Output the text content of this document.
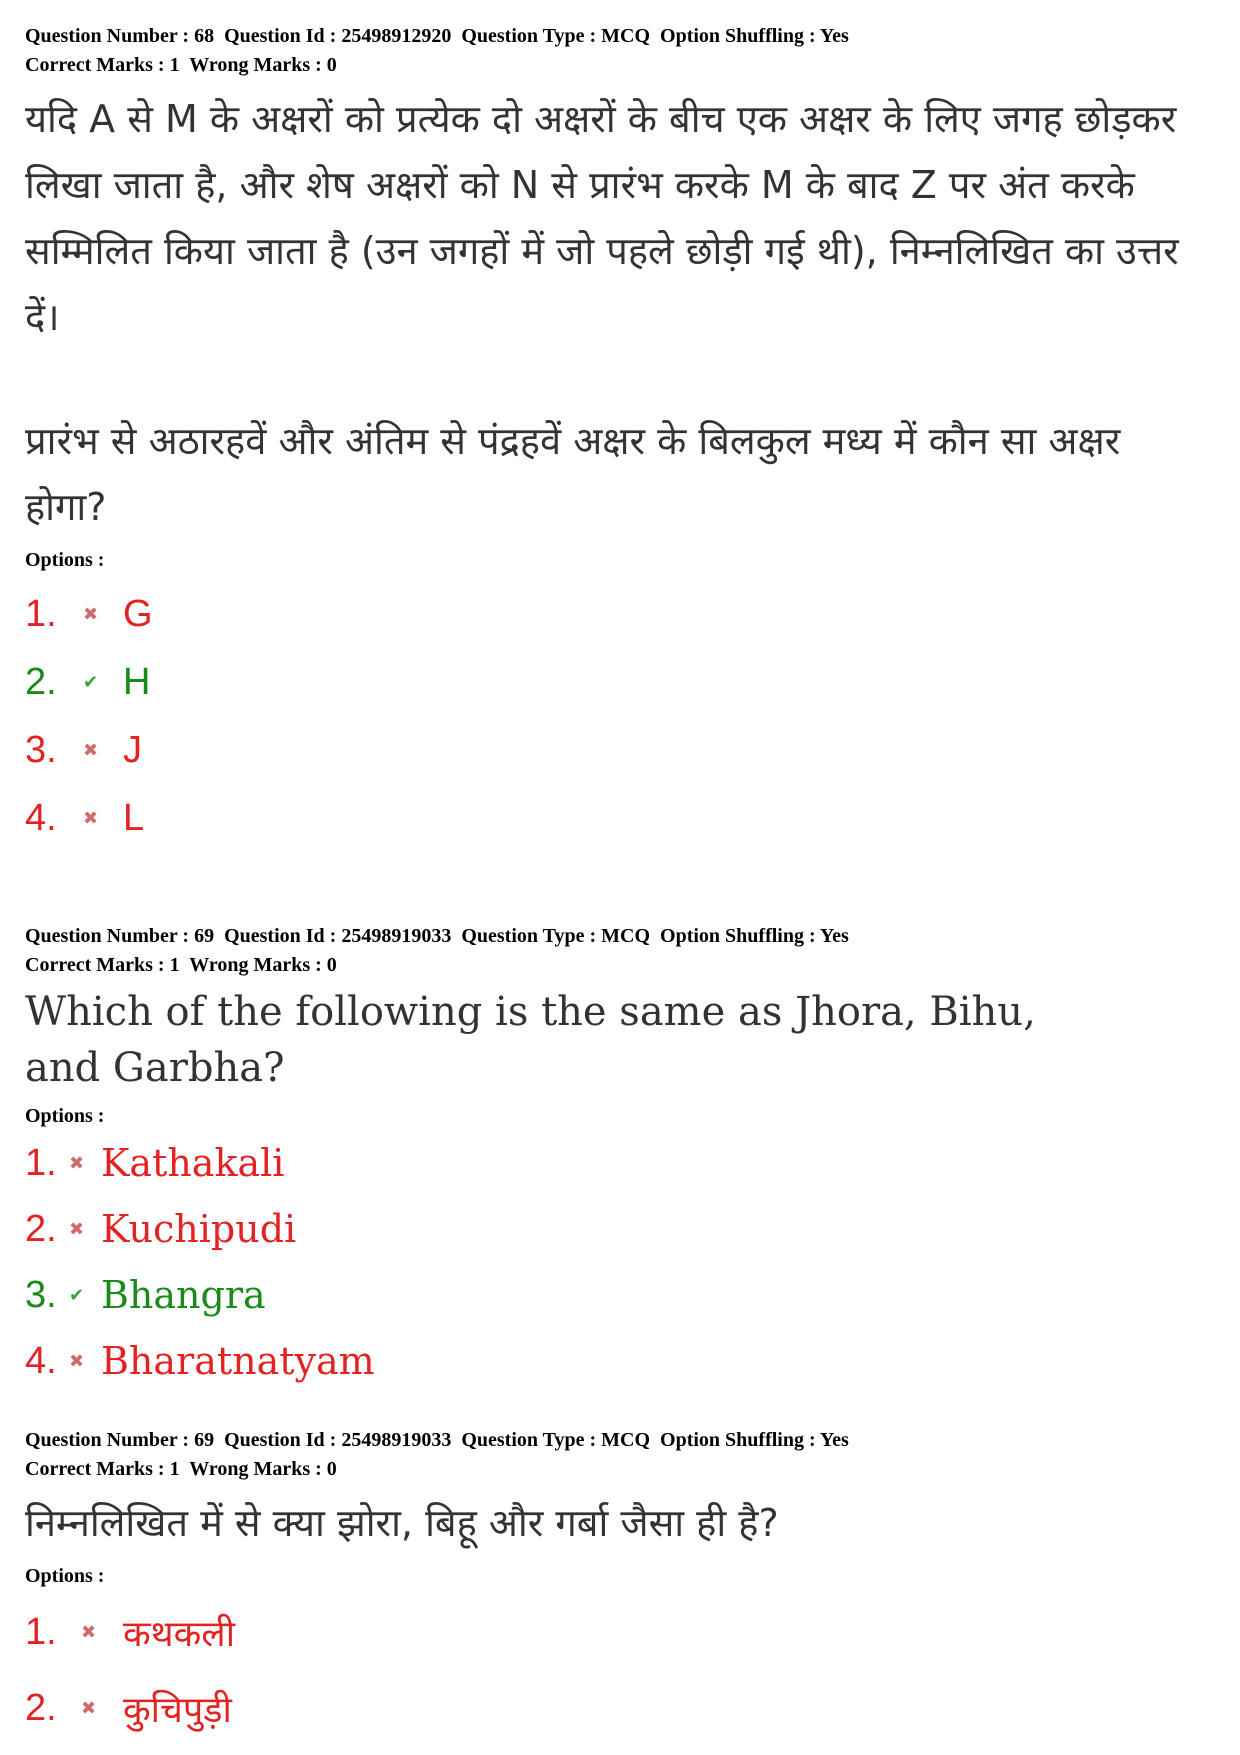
Question Number : 68  Question Id : 25498912920  Question Type : MCQ  Option Shuffling : Yes
Correct Marks : 1  Wrong Marks : 0

यदि A से M के अक्षरों को प्रत्येक दो अक्षरों के बीच एक अक्षर के लिए जगह छोड़कर लिखा जाता है, और शेष अक्षरों को N से प्रारंभ करके M के बाद Z पर अंत करके सम्मिलित किया जाता है (उन जगहों में जो पहले छोड़ी गई थी), निम्नलिखित का उत्तर दें।

प्रारंभ से अठारहवें और अंतिम से पंद्रहवें अक्षर के बिलकुल मध्य में कौन सा अक्षर होगा?

Options :
1.	✖ G
2.	✔ H
3.	✖ J
4.	✖ L
Question Number : 69  Question Id : 25498919033  Question Type : MCQ  Option Shuffling : Yes
Correct Marks : 1  Wrong Marks : 0

Which of the following is the same as Jhora, Bihu, and Garbha?

Options :
1. ✖ Kathakali
2. ✖ Kuchipudi
3. ✔ Bhangra
4. ✖ Bharatnatyam
Question Number : 69  Question Id : 25498919033  Question Type : MCQ  Option Shuffling : Yes
Correct Marks : 1  Wrong Marks : 0

निम्नलिखित में से क्या झोरा, बिहू और गर्बा जैसा ही है?

Options :
1.	✖ कथकली
2.	✖ कुचिपुड़ी
